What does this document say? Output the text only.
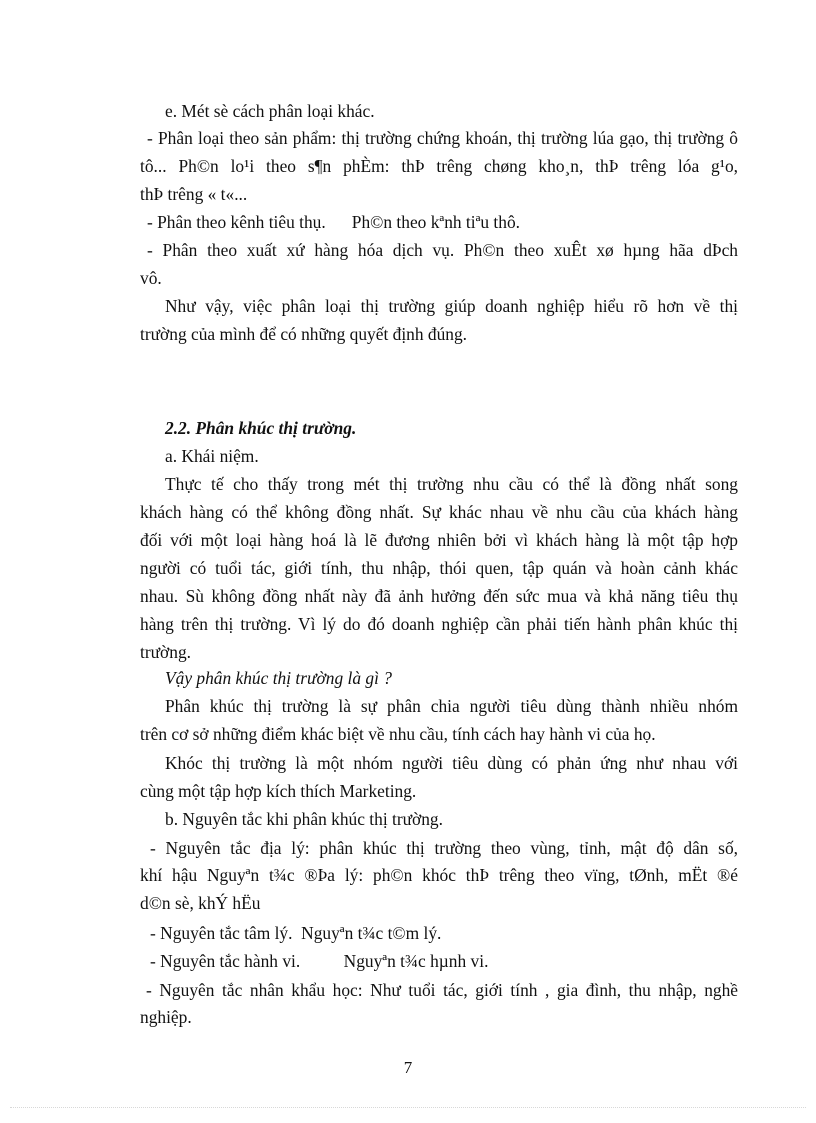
e. Mét sè cách phân loại khác.

- Phân loại theo sản phẩm: thị trường chứng khoán, thị trường lúa gạo, thị trường ô

tô... Ph©n lo¹i theo s¶n phÈm: thÞ trêng chøng kho¸n, thÞ trêng lóa g¹o,

thÞ trêng « t«...

- Phân theo kênh tiêu thụ.      Ph©n theo kªnh tiªu thô.

- Phân theo xuất xứ hàng hóa dịch vụ. Ph©n theo xuÊt xø hµng hãa dÞch

vô.

Như vậy, việc phân loại thị trường giúp doanh nghiệp hiểu rõ hơn về thị

trường của mình để có những quyết định đúng.

2.2. Phân khúc thị trường.

a. Khái niệm.

Thực tế cho thấy trong mét thị trường nhu cầu có thể là đồng nhất song

khách hàng có thể không đồng nhất. Sự khác nhau về nhu cầu của khách hàng

đối với một loại hàng hoá là lẽ đương nhiên bởi vì khách hàng là một tập hợp

người có tuổi tác, giới tính, thu nhập, thói quen, tập quán và hoàn cảnh khác

nhau. Sù không đồng nhất này đã ảnh hưởng đến sức mua và khả năng tiêu thụ

hàng trên thị trường. Vì lý do đó doanh nghiệp cần phải tiến hành phân khúc thị

trường.

Vậy phân khúc thị trường là gì ?

Phân khúc thị trường là sự phân chia người tiêu dùng thành nhiều nhóm

trên cơ sở những điểm khác biệt về nhu cầu, tính cách hay hành vi của họ.

Khóc thị trường là một nhóm người tiêu dùng có phản ứng như nhau với

cùng một tập hợp kích thích Marketing.

b. Nguyên tắc khi phân khúc thị trường.

- Nguyên tắc địa lý: phân khúc thị trường theo vùng, tỉnh, mật độ dân số,

khí hậu Nguyªn t¾c ®Þa lý: ph©n khóc thÞ trêng theo vïng, tØnh, mËt ®é

d©n sè, khÝ hËu

- Nguyên tắc tâm lý.  Nguyªn t¾c t©m lý.

- Nguyên tắc hành vi.          Nguyªn t¾c hµnh vi.

- Nguyên tắc nhân khẩu học: Như tuổi tác, giới tính , gia đình, thu nhập, nghề

nghiệp.

7
